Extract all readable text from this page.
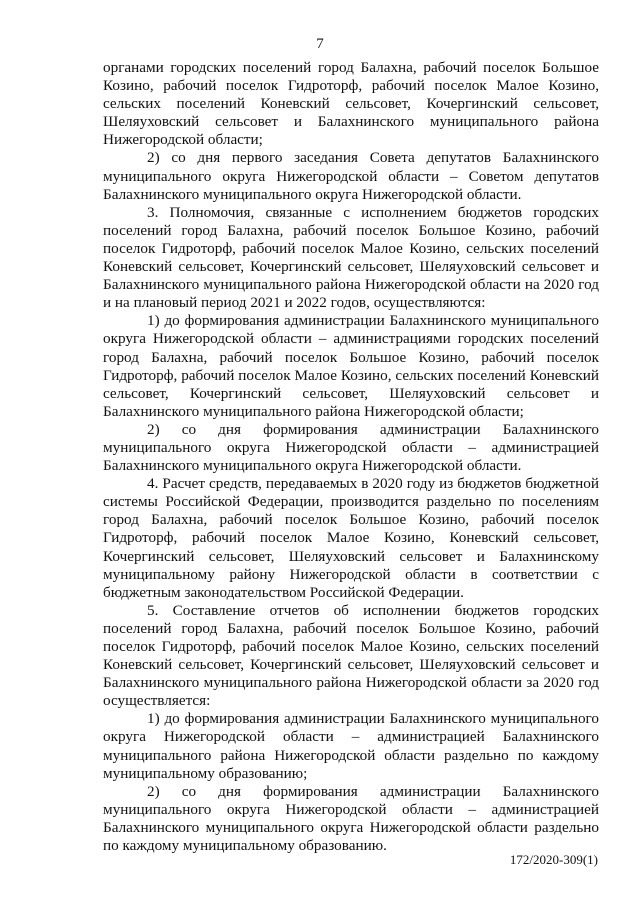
7

органами городских поселений город Балахна, рабочий поселок Большое Козино, рабочий поселок Гидроторф, рабочий поселок Малое Козино, сельских поселений Коневский сельсовет, Кочергинский сельсовет, Шеляуховский сельсовет и Балахнинского муниципального района Нижегородской области;

2) со дня первого заседания Совета депутатов Балахнинского муниципального округа Нижегородской области – Советом депутатов Балахнинского муниципального округа Нижегородской области.

3. Полномочия, связанные с исполнением бюджетов городских поселений город Балахна, рабочий поселок Большое Козино, рабочий поселок Гидроторф, рабочий поселок Малое Козино, сельских поселений Коневский сельсовет, Кочергинский сельсовет, Шеляуховский сельсовет и Балахнинского муниципального района Нижегородской области на 2020 год и на плановый период 2021 и 2022 годов, осуществляются:

1) до формирования администрации Балахнинского муниципального округа Нижегородской области – администрациями городских поселений город Балахна, рабочий поселок Большое Козино, рабочий поселок Гидроторф, рабочий поселок Малое Козино, сельских поселений Коневский сельсовет, Кочергинский сельсовет, Шеляуховский сельсовет и Балахнинского муниципального района Нижегородской области;

2) со дня формирования администрации Балахнинского муниципального округа Нижегородской области – администрацией Балахнинского муниципального округа Нижегородской области.

4. Расчет средств, передаваемых в 2020 году из бюджетов бюджетной системы Российской Федерации, производится раздельно по поселениям город Балахна, рабочий поселок Большое Козино, рабочий поселок Гидроторф, рабочий поселок Малое Козино, Коневский сельсовет, Кочергинский сельсовет, Шеляуховский сельсовет и Балахнинскому муниципальному району Нижегородской области в соответствии с бюджетным законодательством Российской Федерации.

5. Составление отчетов об исполнении бюджетов городских поселений город Балахна, рабочий поселок Большое Козино, рабочий поселок Гидроторф, рабочий поселок Малое Козино, сельских поселений Коневский сельсовет, Кочергинский сельсовет, Шеляуховский сельсовет и Балахнинского муниципального района Нижегородской области за 2020 год осуществляется:

1) до формирования администрации Балахнинского муниципального округа Нижегородской области – администрацией Балахнинского муниципального района Нижегородской области раздельно по каждому муниципальному образованию;

2) со дня формирования администрации Балахнинского муниципального округа Нижегородской области – администрацией Балахнинского муниципального округа Нижегородской области раздельно по каждому муниципальному образованию.

172/2020-309(1)
